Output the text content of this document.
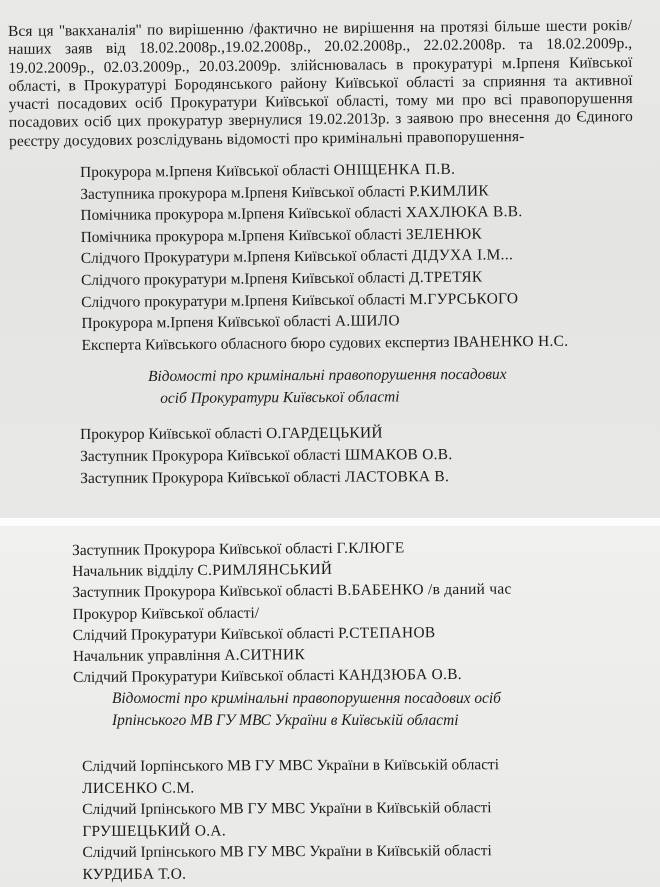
Вся ця ''вакханалія'' по вирішенню /фактично не вирішення на протязі більше шести років/ наших заяв від 18.02.2008р.,19.02.2008р., 20.02.2008р., 22.02.2008р. та 18.02.2009р., 19.02.2009р., 02.03.2009р., 20.03.2009р. злійснювалась в прокуратурі м.Ірпеня Київської області, в Прокуратурі Бородянського району Київської області за сприяння та активної участі посадових осіб Прокуратури Київської області, тому ми про всі правопорушення посадових осіб цих прокуратур звернулися 19.02.2013р. з заявою про внесення до Єдиного реєстру досудових розслідувань відомості про кримінальні правопорушення-

Прокурора м.Ірпеня Київської області ОНІЩЕНКА П.В.
Заступника прокурора м.Ірпеня Київської області Р.КИМЛИК
Помічника прокурора м.Ірпеня Київської області ХАХЛЮКА В.В.
Помічника прокурора м.Ірпеня Київської області ЗЕЛЕНЮК
Слідчого Прокуратури м.Ірпеня Київської області ДІДУХА І.М...
Слідчого прокуратури м.Ірпеня Київської області Д.ТРЕТЯК
Слідчого прокуратури м.Ірпеня Київської області М.ГУРСЬКОГО
Прокурора м.Ірпеня Київської області А.ШИЛО
Експерта Київського обласного бюро судових експертиз ІВАНЕНКО Н.С.
Відомості про кримінальні правопорушення посадових
осіб Прокуратури Київської області
Прокурор Київської області О.ГАРДЕЦЬКИЙ
Заступник Прокурора Київської області ШМАКОВ О.В.
Заступник Прокурора Київської області ЛАСТОВКА В.
Заступник Прокурора Київської області Г.КЛЮГЕ
Начальник відділу С.РИМЛЯНСЬКИЙ
Заступник Прокурора Київської області В.БАБЕНКО /в даний час
Прокурор Київської області/
Слідчий Прокуратури Київської області Р.СТЕПАНОВ
Начальник управління А.СИТНИК
Слідчий Прокуратури Київської області КАНДЗЮБА О.В.
Відомості про кримінальні правопорушення посадових осіб
Ірпінського МВ ГУ МВС України в Київській області
Слідчий Іорпінського МВ ГУ МВС України в Київській області
ЛИСЕНКО С.М.
Слідчий Ірпінського МВ ГУ МВС України в Київській області
ГРУШЕЦЬКИЙ О.А.
Слідчий Ірпінського МВ ГУ МВС України в Київській області
КУРДИБА Т.О.
